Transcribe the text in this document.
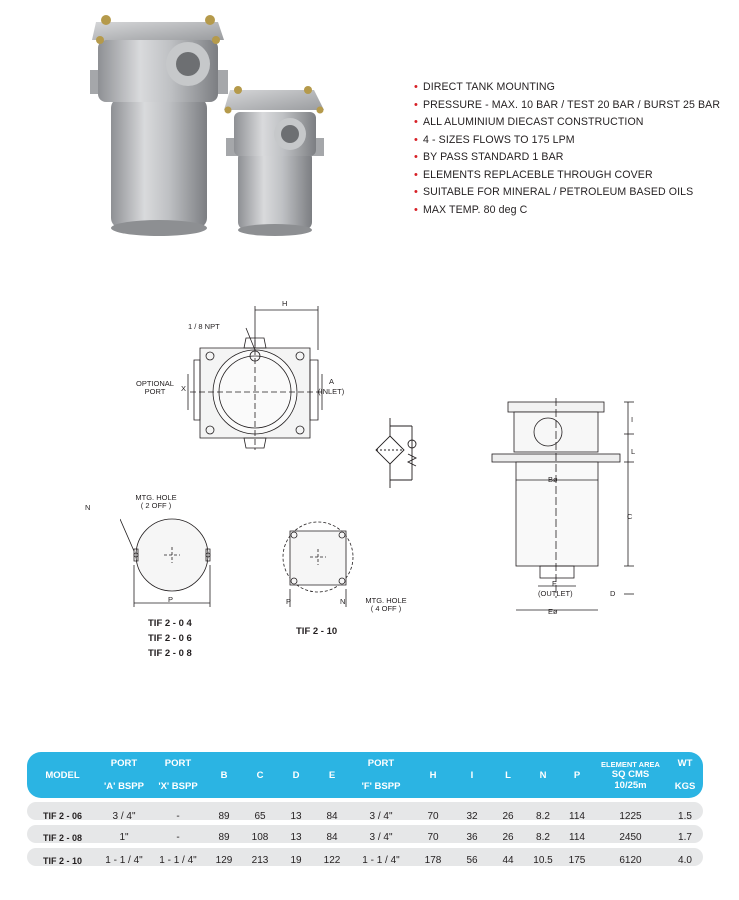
• DIRECT TANK MOUNTING
• PRESSURE - MAX. 10 BAR / TEST 20 BAR / BURST 25 BAR
• ALL ALUMINIUM DIECAST CONSTRUCTION
• 4 - SIZES FLOWS TO 175 LPM
• BY PASS STANDARD 1 BAR
• ELEMENTS REPLACEBLE THROUGH COVER
• SUITABLE FOR MINERAL / PETROLEUM BASED OILS
• MAX TEMP. 80 deg C
H
1 / 8 NPT
OPTIONAL
PORT	X
A
(INLET)
I
L
Bø
C
F
(OUTLET)	D
Eø
MTG. HOLE
( 2 OFF )
N
P
TIF 2 - 0 4
TIF 2 - 0 6
TIF 2 - 0 8
P	N	MTG. HOLE
( 4 OFF )
TIF 2 - 10
MODEL	PORT	PORT	B	C	D	E	PORT	H	I	L	N	P	ELEMENT AREA
SQ CMS
10/25m	WT
	'A' BSPP	'X' BSPP					'F' BSPP							KGS

TIF 2 - 06	3 / 4"	-	89	65	13	84	3 / 4"	70	32	26	8.2	114	1225	1.5
TIF 2 - 08	1"	-	89	108	13	84	3 / 4"	70	36	26	8.2	114	2450	1.7
TIF 2 - 10	1 - 1 / 4"	1 - 1 / 4"	129	213	19	122	1 - 1 / 4"	178	56	44	10.5	175	6120	4.0
